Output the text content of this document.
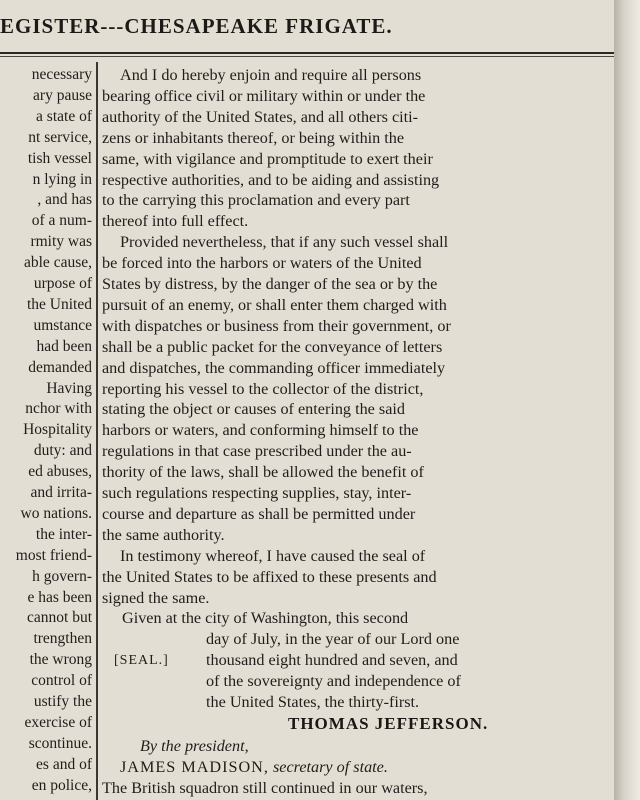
EGISTER---CHESAPEAKE FRIGATE.
necessary
ary pause
a state of
nt service,
tish vessel
n lying in
, and has
of a num-
rmity was
able cause,
urpose of
the United
umstance
had been
demanded
Having
nchor with
Hospitality
duty: and
ed abuses,
and irrita-
wo nations.
the inter-
most friend-
h govern-
e has been
cannot but
trengthen
the wrong
control of
ustify the
exercise of
scontinue.
es and of
en police,
And I do hereby enjoin and require all persons
bearing office civil or military within or under the
authority of the United States, and all others citi-
zens or inhabitants thereof, or being within the
same, with vigilance and promptitude to exert their
respective authorities, and to be aiding and assisting
to the carrying this proclamation and every part
thereof into full effect.
Provided nevertheless, that if any such vessel shall
be forced into the harbors or waters of the United
States by distress, by the danger of the sea or by the
pursuit of an enemy, or shall enter them charged with
with dispatches or business from their government, or
shall be a public packet for the conveyance of letters
and dispatches, the commanding officer immediately
reporting his vessel to the collector of the district,
stating the object or causes of entering the said
harbors or waters, and conforming himself to the
regulations in that case prescribed under the au-
thority of the laws, shall be allowed the benefit of
such regulations respecting supplies, stay, inter-
course and departure as shall be permitted under
the same authority.
In testimony whereof, I have caused the seal of
the United States to be affixed to these presents and
signed the same.
Given at the city of Washington, this second
day of July, in the year of our Lord one
thousand eight hundred and seven, and
[SEAL.]
of the sovereignty and independence of
the United States, the thirty-first.
THOMAS JEFFERSON.
By the president,
JAMES MADISON, secretary of state.
The British squadron still continued in our waters,
